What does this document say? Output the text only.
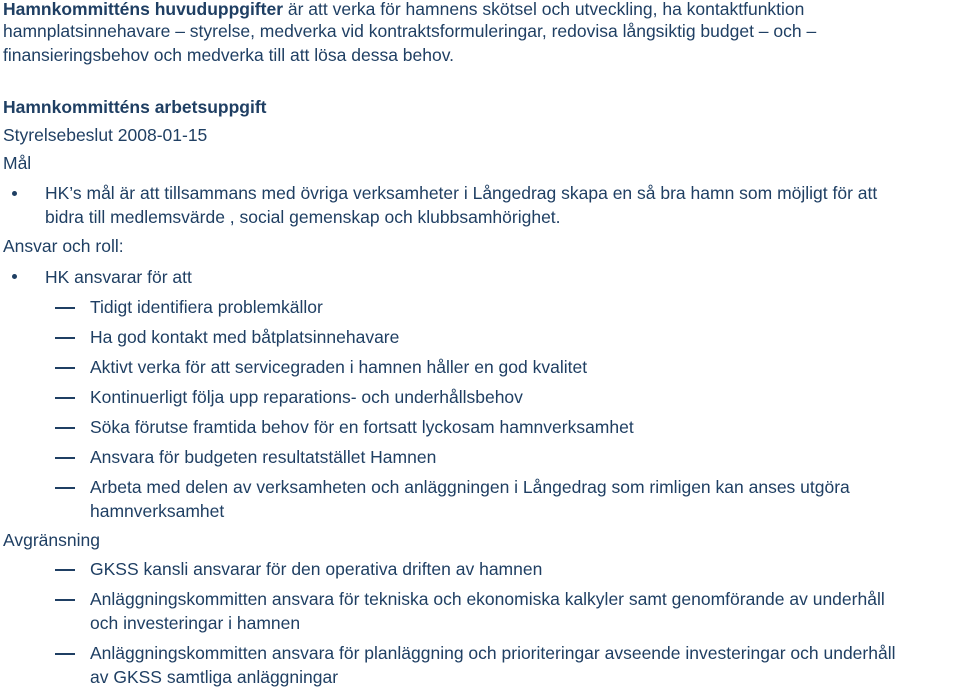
Hamnkommitténs huvuduppgifter är att verka för hamnens skötsel och utveckling, ha kontaktfunktion
hamnplatsinnehavare – styrelse, medverka vid kontraktsformuleringar, redovisa långsiktig budget – och –
finansieringsbehov och medverka till att lösa dessa behov.
Hamnkommitténs arbetsuppgift
Styrelsebeslut 2008-01-15
Mål
HK’s mål är att tillsammans med övriga verksamheter i Långedrag skapa en så bra hamn som möjligt för att
bidra till medlemsvärde , social gemenskap och klubbsamhörighet.
Ansvar och roll:
HK ansvarar för att
Tidigt identifiera problemkällor
Ha god kontakt med båtplatsinnehavare
Aktivt verka för att servicegraden i hamnen håller en god kvalitet
Kontinuerligt följa upp reparations- och underhållsbehov
Söka förutse framtida behov för en fortsatt lyckosam hamnverksamhet
Ansvara för budgeten resultatstället Hamnen
Arbeta med delen av verksamheten och anläggningen i Långedrag som rimligen kan anses utgöra
hamnverksamhet
Avgränsning
GKSS kansli ansvarar för den operativa driften av hamnen
Anläggningskommitten ansvara för tekniska och ekonomiska kalkyler samt genomförande av underhåll
och investeringar i hamnen
Anläggningskommitten ansvara för planläggning och prioriteringar avseende investeringar och underhåll
av GKSS samtliga anläggningar
